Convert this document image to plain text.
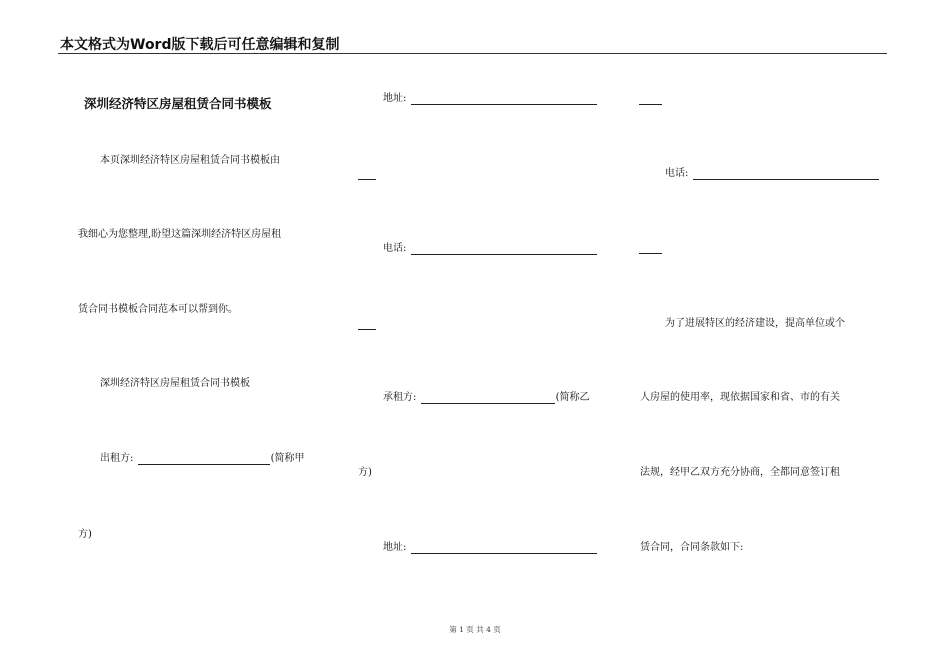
本文格式为Word版下载后可任意编辑和复制
深圳经济特区房屋租赁合同书模板
本页深圳经济特区房屋租赁合同书模板由
我细心为您整理,盼望这篇深圳经济特区房屋租
赁合同书模板合同范本可以帮到你。
深圳经济特区房屋租赁合同书模板
出租方:	(简称甲
方)
地址:
电话:
承租方:	(简称乙
方)
地址:
电话:
为了进展特区的经济建设，提高单位或个
人房屋的使用率，现依据国家和省、市的有关
法规，经甲乙双方充分协商，全都同意签订租
赁合同，合同条款如下:
第 1 页 共 4 页
